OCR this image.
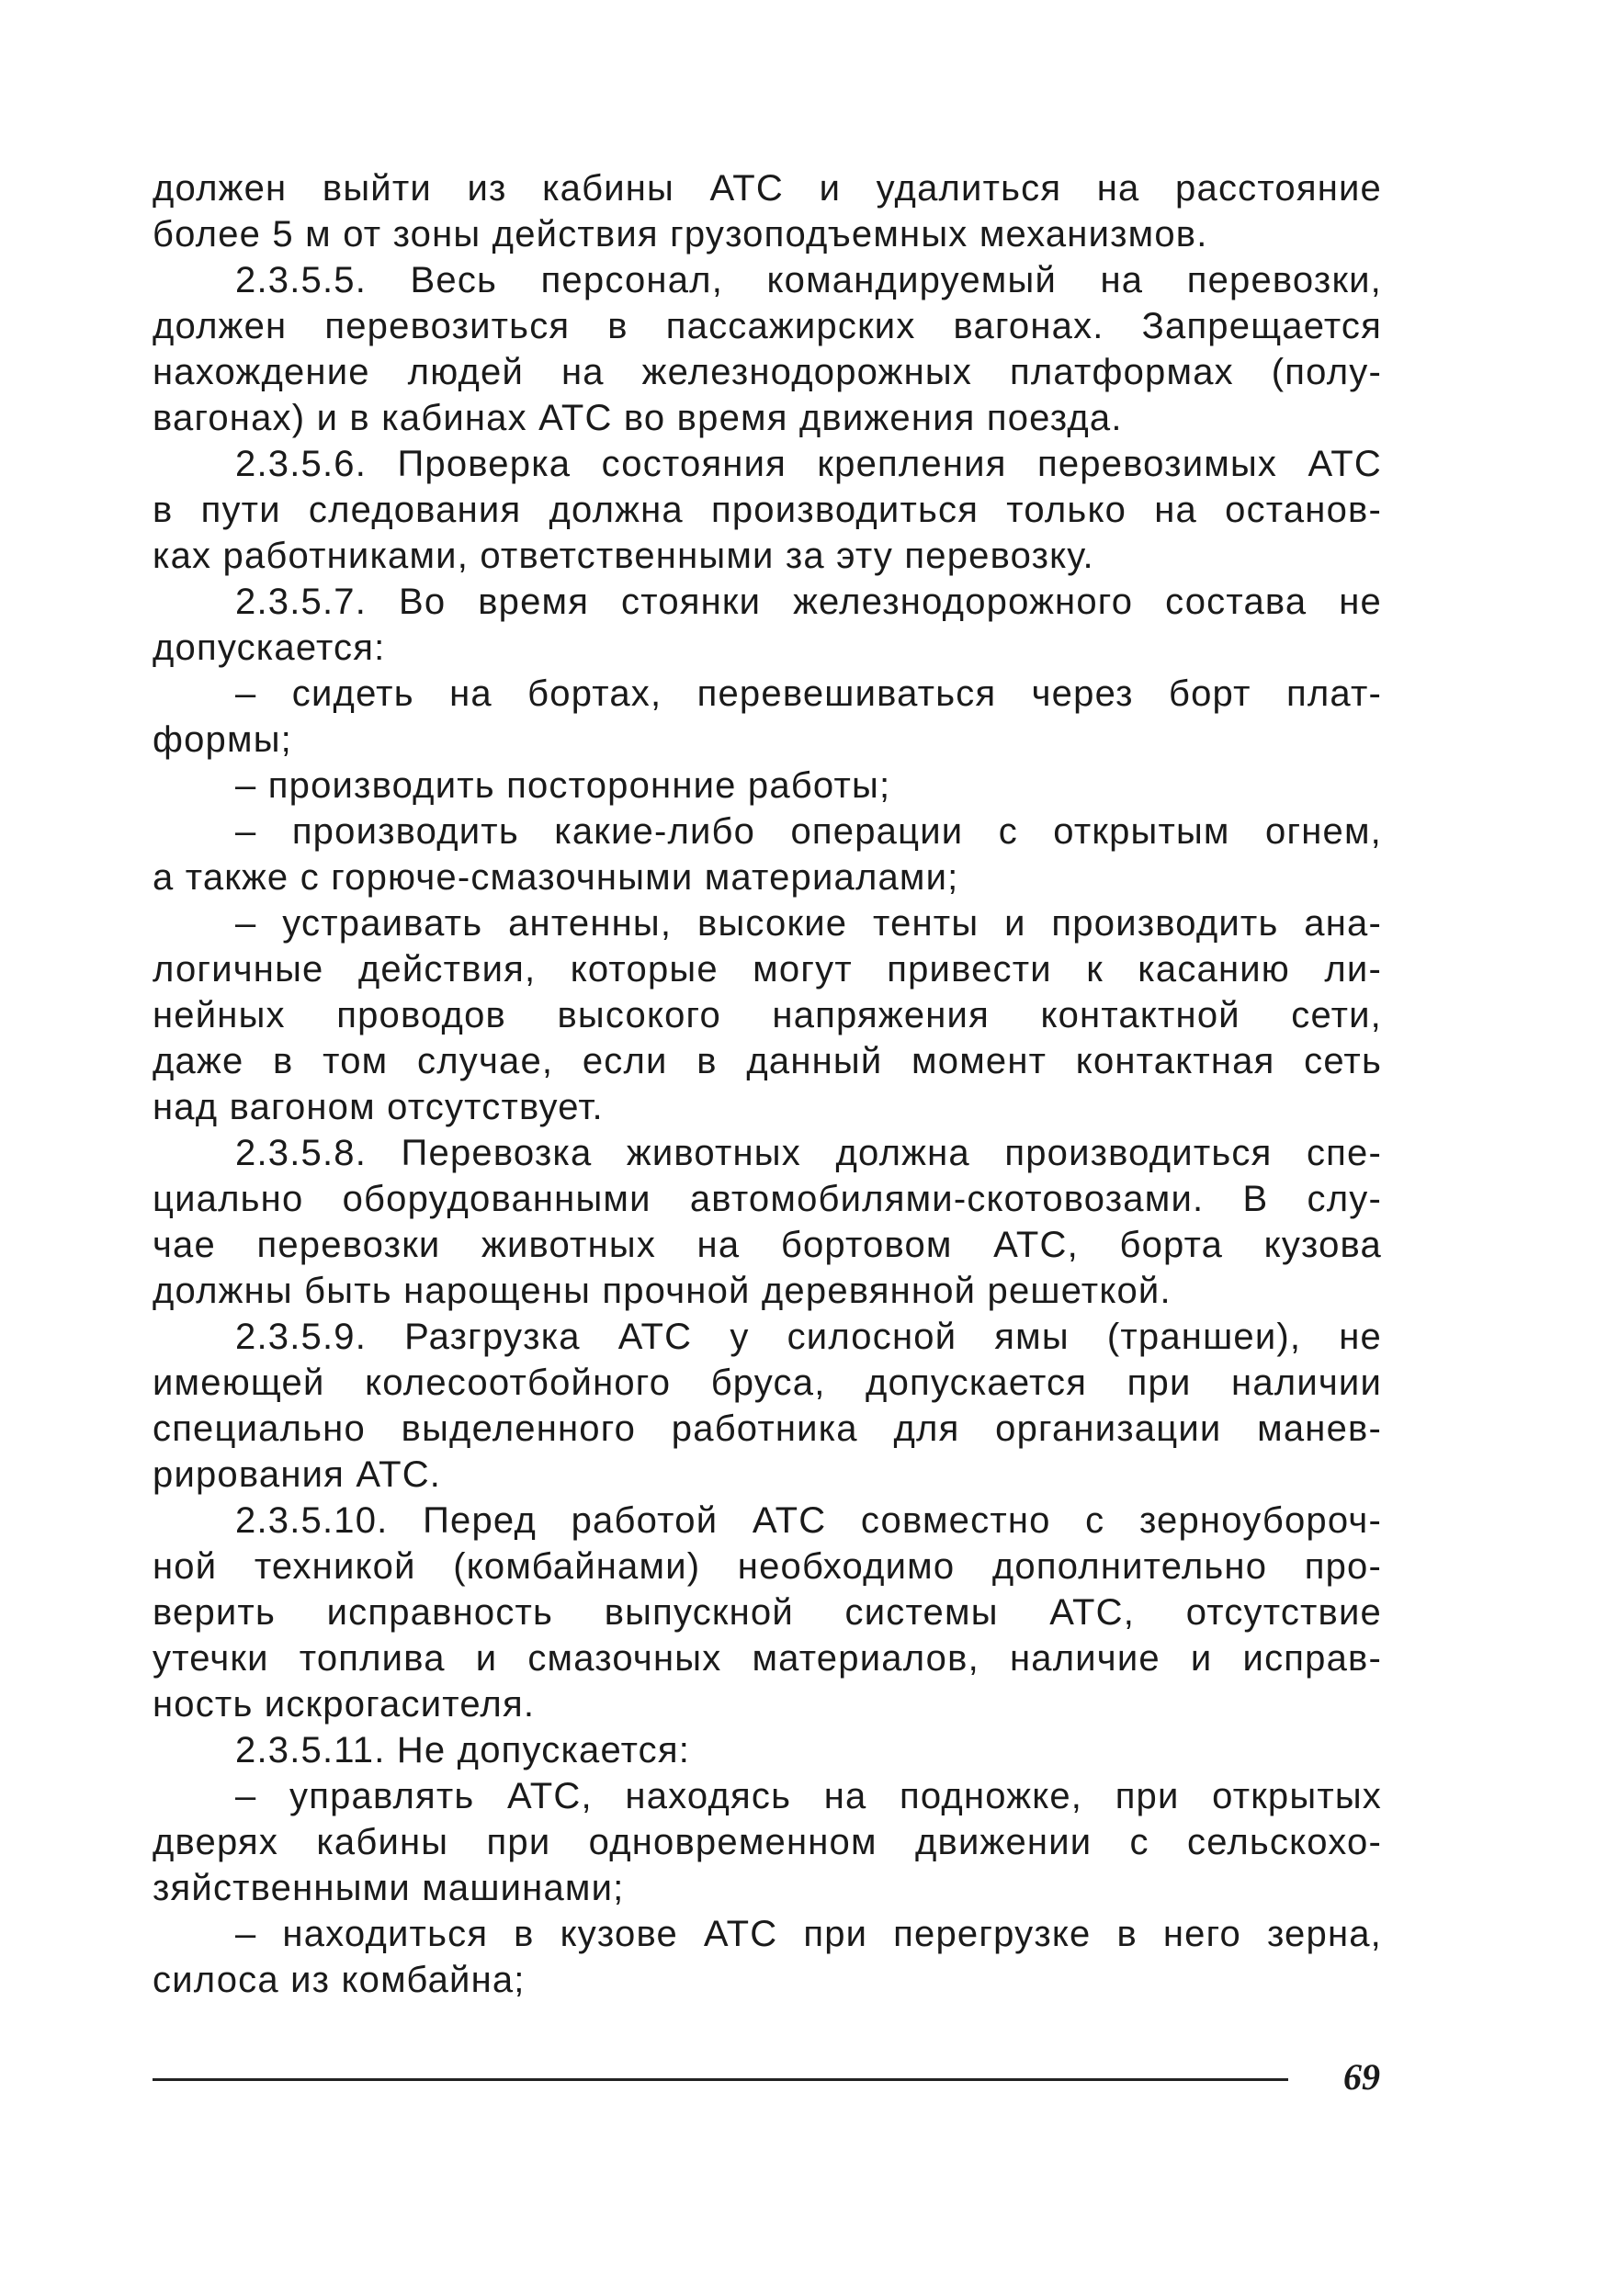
должен выйти из кабины АТС и удалиться на расстояние
более 5 м от зоны действия грузоподъемных механизмов.
2.3.5.5. Весь персонал, командируемый на перевозки,
должен перевозиться в пассажирских вагонах. Запрещается
нахождение людей на железнодорожных платформах (полу-
вагонах) и в кабинах АТС во время движения поезда.
2.3.5.6. Проверка состояния крепления перевозимых АТС
в пути следования должна производиться только на останов-
ках работниками, ответственными за эту перевозку.
2.3.5.7. Во время стоянки железнодорожного состава не
допускается:
– сидеть на бортах, перевешиваться через борт плат-
формы;
– производить посторонние работы;
– производить какие-либо операции с открытым огнем,
а также с горюче-смазочными материалами;
– устраивать антенны, высокие тенты и производить ана-
логичные действия, которые могут привести к касанию ли-
нейных проводов высокого напряжения контактной сети,
даже в том случае, если в данный момент контактная сеть
над вагоном отсутствует.
2.3.5.8. Перевозка животных должна производиться спе-
циально оборудованными автомобилями-скотовозами. В слу-
чае перевозки животных на бортовом АТС, борта кузова
должны быть нарощены прочной деревянной решеткой.
2.3.5.9. Разгрузка АТС у силосной ямы (траншеи), не
имеющей колесоотбойного бруса, допускается при наличии
специально выделенного работника для организации манев-
рирования АТС.
2.3.5.10. Перед работой АТС совместно с зерноубороч-
ной техникой (комбайнами) необходимо дополнительно про-
верить исправность выпускной системы АТС, отсутствие
утечки топлива и смазочных материалов, наличие и исправ-
ность искрогасителя.
2.3.5.11. Не допускается:
– управлять АТС, находясь на подножке, при открытых
дверях кабины при одновременном движении с сельскохо-
зяйственными машинами;
– находиться в кузове АТС при перегрузке в него зерна,
силоса из комбайна;
69
